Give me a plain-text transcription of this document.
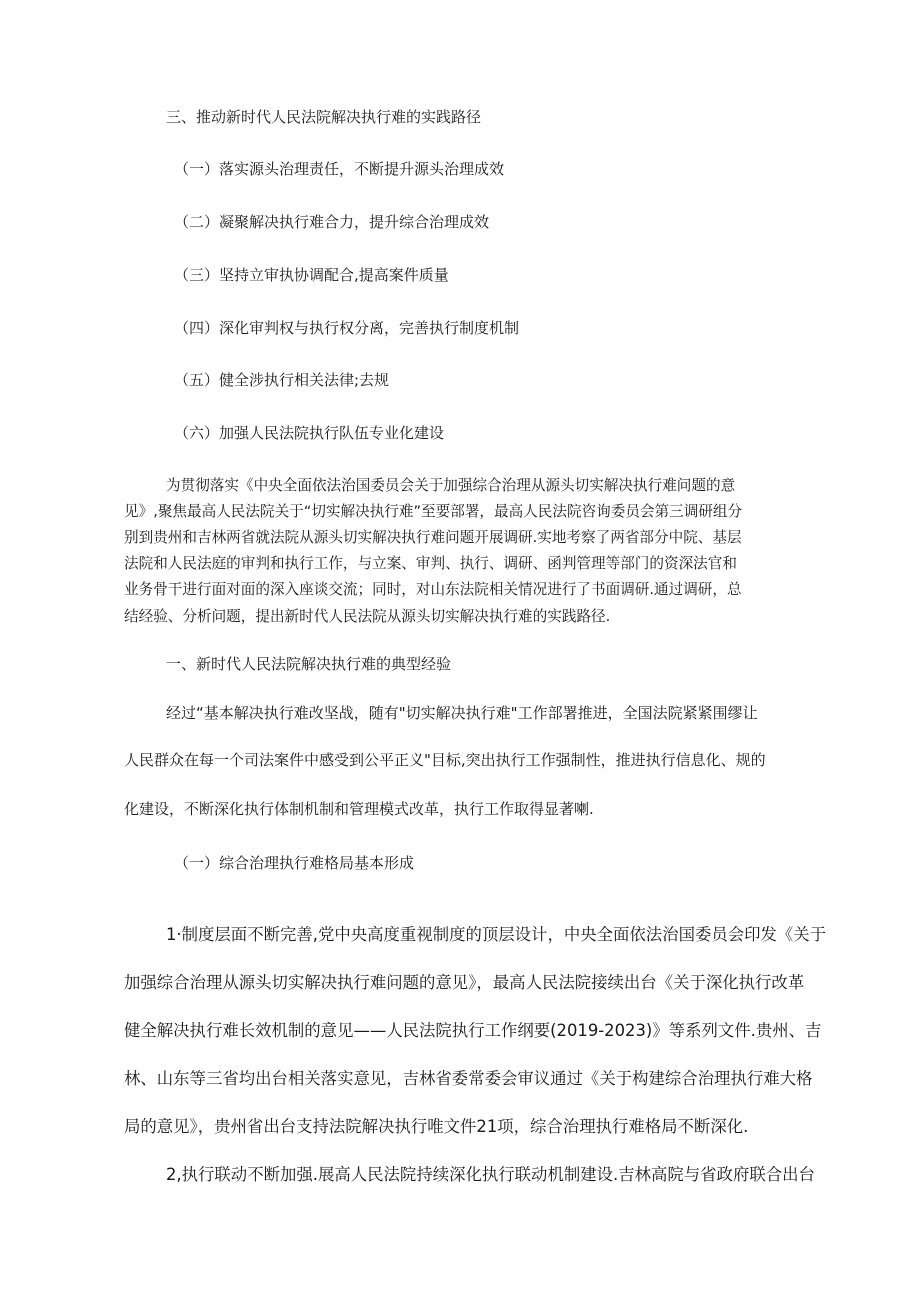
三、推动新时代人民法院解决执行难的实践路径

（一）落实源头治理责任，不断提升源头治理成效

（二）凝聚解决执行难合力，提升综合治理成效

（三）坚持立审执协调配合,提高案件质量

（四）深化审判权与执行权分离，完善执行制度机制

（五）健全涉执行相关法律;去规

（六）加强人民法院执行队伍专业化建设

为贯彻落实《中央全面依法治国委员会关于加强综合治理从源头切实解决执行难问题的意

见》,聚焦最高人民法院关于“切实解决执行难”至要部署，最高人民法院咨询委员会第三调研组分

别到贵州和吉林两省就法院从源头切实解决执行难问题开展调研.实地考察了两省部分中院、基层

法院和人民法庭的审判和执行工作，与立案、审判、执行、调研、函判管理等部门的资深法官和

业务骨干进行面对面的深入座谈交流；同时，对山东法院相关情况进行了书面调研.通过调研，总

结经验、分析问题，提出新时代人民法院从源头切实解决执行难的实践路径.

一、新时代人民法院解决执行难的典型经验

经过“基本解决执行难改坚战，随有"切实解决执行难"工作部署推进，全国法院紧紧围缪让

人民群众在每一个司法案件中感受到公平正义"目标,突出执行工作强制性，推进执行信息化、规的

化建设，不断深化执行体制机制和管理模式改革，执行工作取得显著喇.

（一）综合治理执行难格局基本形成

1·制度层面不断完善,党中央高度重视制度的顶层设计，中央全面依法治国委员会印发《关于

加强综合治理从源头切实解决执行难问题的意见》，最高人民法院接续出台《关于深化执行改革

健全解决执行难长效机制的意见——人民法院执行工作纲要(2019-2023)》等系列文件.贵州、吉

林、山东等三省均出台相关落实意见，吉林省委常委会审议通过《关于构建综合治理执行难大格

局的意见》，贵州省出台支持法院解决执行唯文件21项，综合治理执行难格局不断深化.

2,执行联动不断加强.展高人民法院持续深化执行联动机制建设.吉林高院与省政府联合出台
